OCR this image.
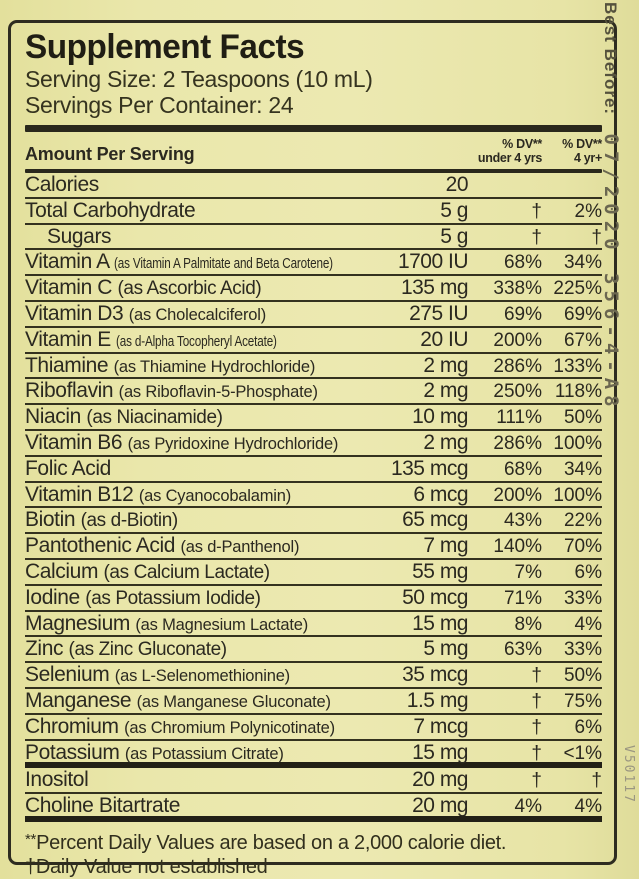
Supplement Facts
Serving Size: 2 Teaspoons (10 mL)
Servings Per Container: 24
Amount Per Serving	% DV**
under 4 yrs
% DV**
4 yr+
Calories	20
Total Carbohydrate	5 g	†	2%
Sugars	5 g	†	†
Vitamin A (as Vitamin A Palmitate and Beta Carotene)	1700 IU	68%	34%
Vitamin C (as Ascorbic Acid)	135 mg	338% 225%
Vitamin D3 (as Cholecalciferol)	275 IU	69%	69%
Vitamin E (as d-Alpha Tocopheryl Acetate)	20 IU	200%	67%
Thiamine (as Thiamine Hydrochloride)	2 mg	286% 133%
Riboflavin (as Riboflavin-5-Phosphate)	2 mg	250% 118%
Niacin (as Niacinamide)	10 mg	111%	50%
Vitamin B6 (as Pyridoxine Hydrochloride)	2 mg	286% 100%
Folic Acid	135 mcg	68%	34%
Vitamin B12 (as Cyanocobalamin)	6 mcg	200% 100%
Biotin (as d-Biotin)	65 mcg	43%	22%
Pantothenic Acid (as d-Panthenol)	7 mg	140%	70%
Calcium (as Calcium Lactate)	55 mg	7%	6%
Iodine (as Potassium Iodide)	50 mcg	71%	33%
Magnesium (as Magnesium Lactate)	15 mg	8%	4%
Zinc (as Zinc Gluconate)	5 mg	63%	33%
Selenium (as L-Selenomethionine)	35 mcg	†	50%
Manganese (as Manganese Gluconate)	1.5 mg	†	75%
Chromium (as Chromium Polynicotinate)	7 mcg	†	6%
Potassium (as Potassium Citrate)	15 mg	†	<1%
Inositol	20 mg	†	†
Choline Bitartrate	20 mg	4%	4%
**Percent Daily Values are based on a 2,000 calorie diet.
†Daily Value not established
Best Before: 07/2020 356-4-A8
V50117
